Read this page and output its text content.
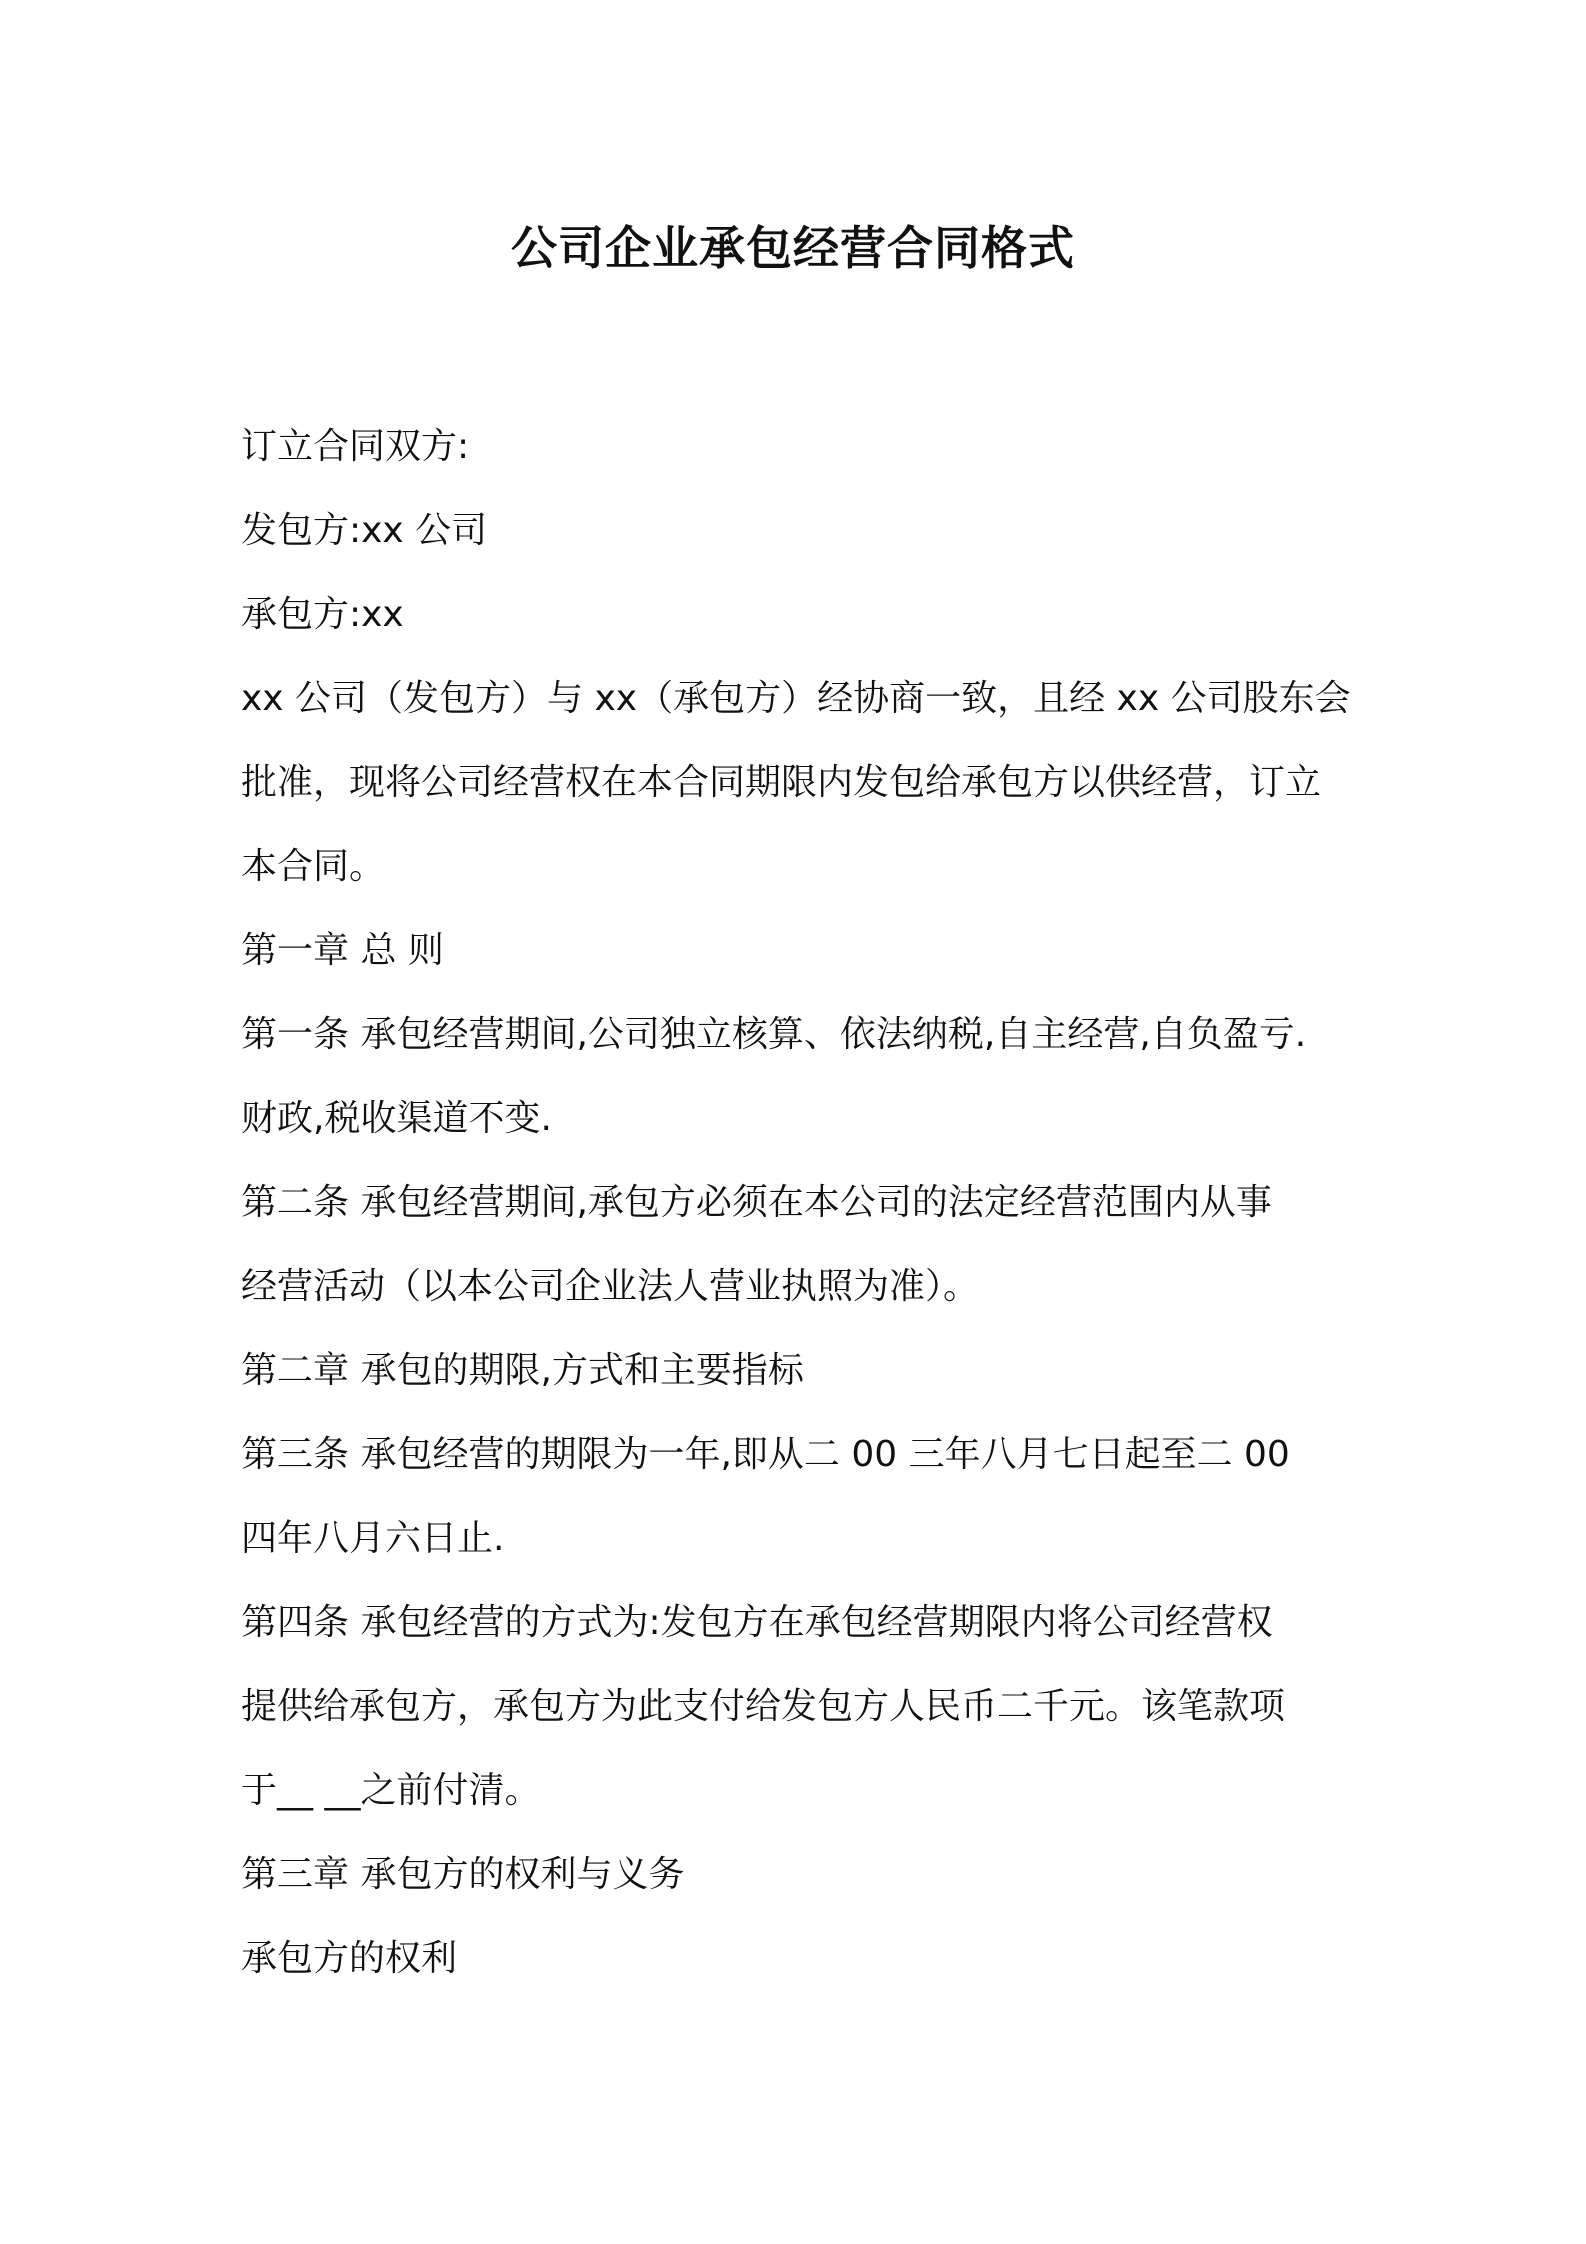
公司企业承包经营合同格式
订立合同双方:
发包方:xx 公司
承包方:xx
xx 公司（发包方）与 xx（承包方）经协商一致，且经 xx 公司股东会
批准，现将公司经营权在本合同期限内发包给承包方以供经营，订立
本合同。
第一章 总 则
第一条 承包经营期间,公司独立核算、依法纳税,自主经营,自负盈亏.
财政,税收渠道不变.
第二条 承包经营期间,承包方必须在本公司的法定经营范围内从事
经营活动（以本公司企业法人营业执照为准）。
第二章 承包的期限,方式和主要指标
第三条 承包经营的期限为一年,即从二 00 三年八月七日起至二 00
四年八月六日止.
第四条 承包经营的方式为:发包方在承包经营期限内将公司经营权
提供给承包方，承包方为此支付给发包方人民币二千元。该笔款项
于__ __之前付清。
第三章 承包方的权利与义务
承包方的权利
